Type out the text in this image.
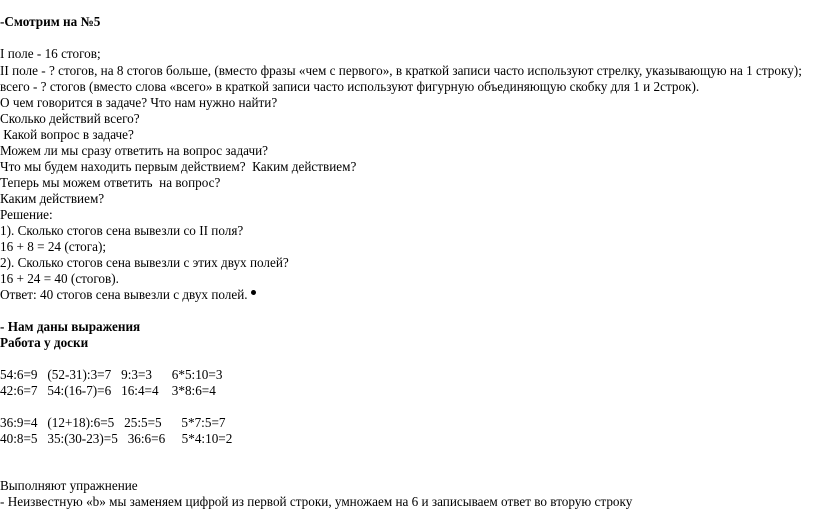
-Смотрим на №5
I поле - 16 стогов;
II поле - ? стогов, на 8 стогов больше, (вместо фразы «чем с первого», в краткой записи часто используют стрелку, указывающую на 1 строку);
всего - ? стогов (вместо слова «всего» в краткой записи часто используют фигурную объединяющую скобку для 1 и 2строк).
О чем говорится в задаче? Что нам нужно найти?
Сколько действий всего?
Какой вопрос в задаче?
Можем ли мы сразу ответить на вопрос задачи?
Что мы будем находить первым действием?  Каким действием?
Теперь мы можем ответить  на вопрос?
Каким действием?
Решение:
1). Сколько стогов сена вывезли со II поля?
16 + 8 = 24 (стога);
2). Сколько стогов сена вывезли с этих двух полей?
16 + 24 = 40 (стогов).
Ответ: 40 стогов сена вывезли с двух полей.
- Нам даны выражения
Работа у доски
54:6=9   (52-31):3=7   9:3=3      6*5:10=3
42:6=7   54:(16-7)=6   16:4=4    3*8:6=4
36:9=4   (12+18):6=5   25:5=5      5*7:5=7
40:8=5   35:(30-23)=5   36:6=6     5*4:10=2
Выполняют упражнение
- Неизвестную «b» мы заменяем цифрой из первой строки, умножаем на 6 и записываем ответ во вторую строку
